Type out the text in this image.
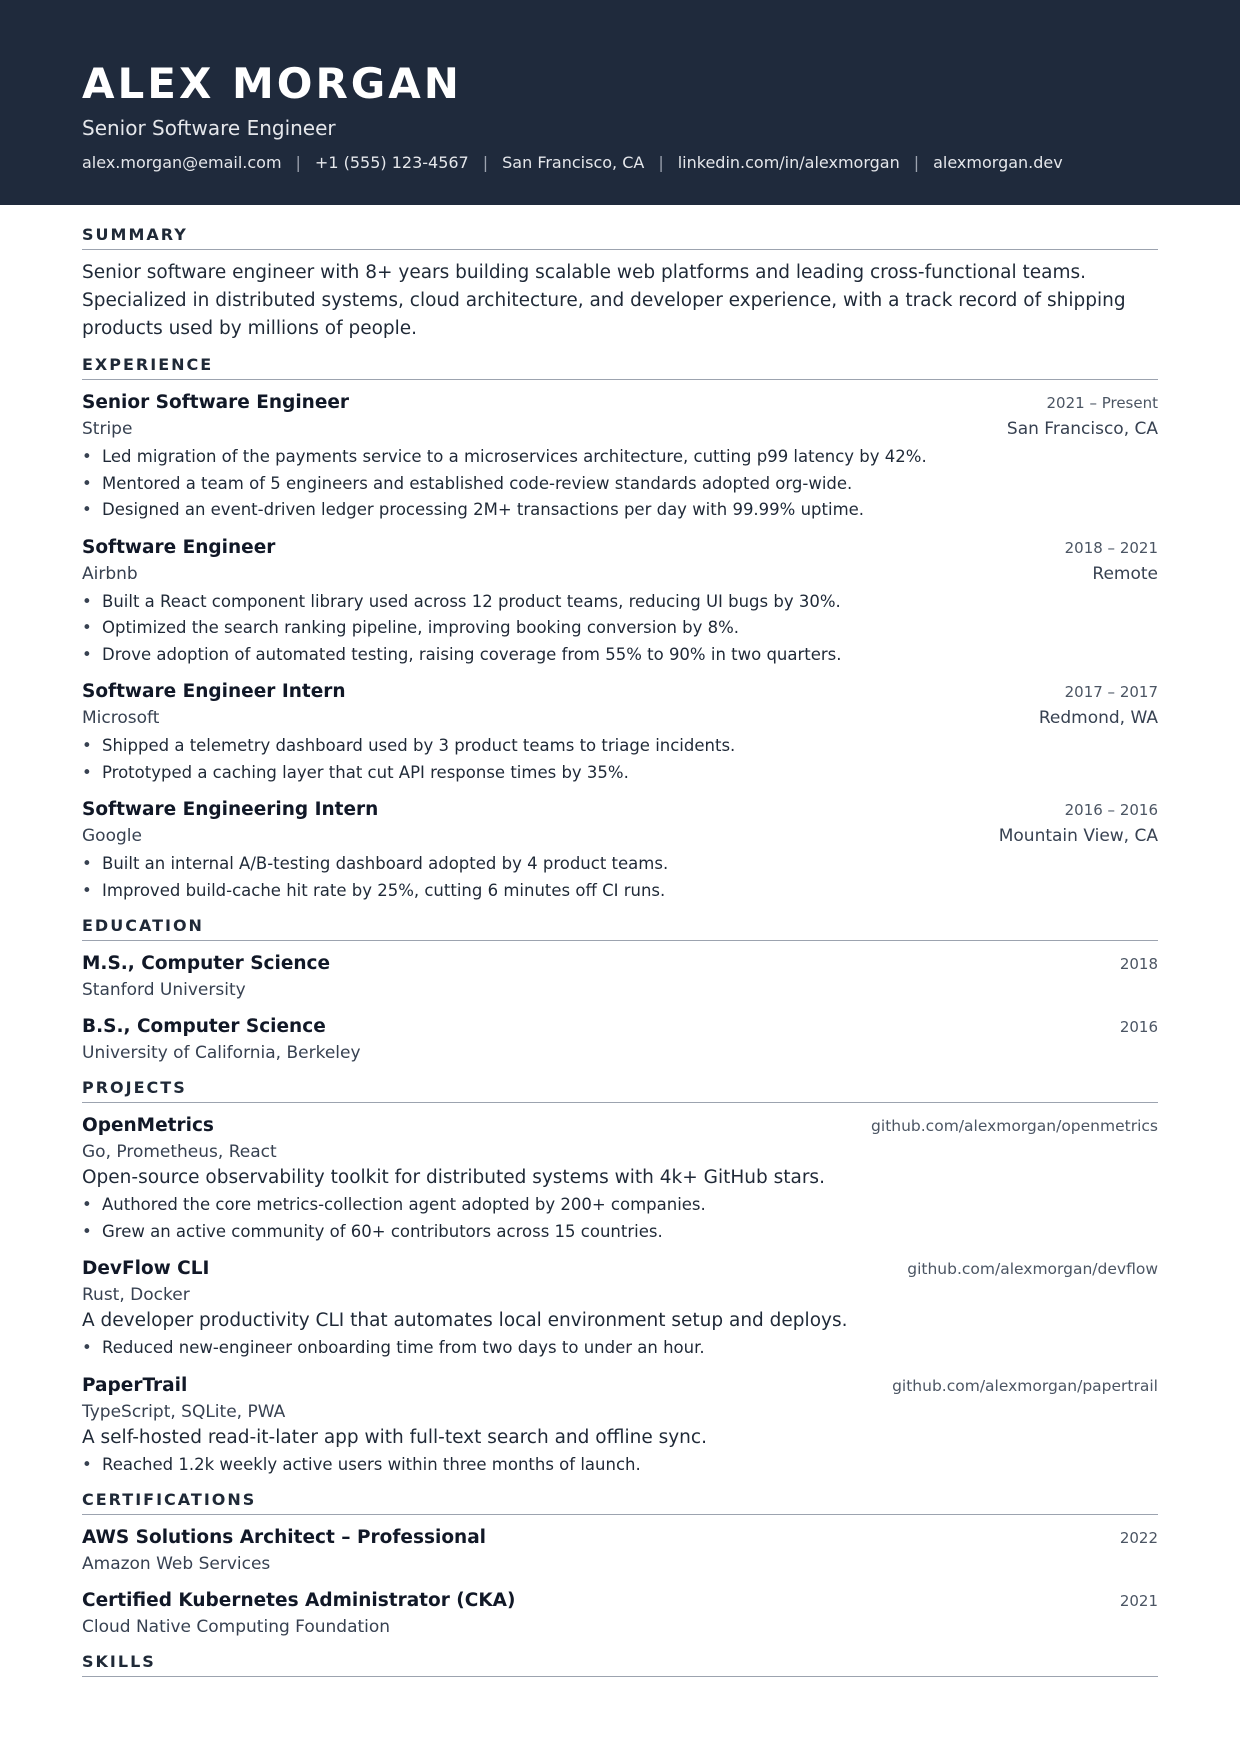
ALEX MORGAN
Senior Software Engineer
alex.morgan@email.com | +1 (555) 123-4567 | San Francisco, CA | linkedin.com/in/alexmorgan | alexmorgan.dev
SUMMARY
Senior software engineer with 8+ years building scalable web platforms and leading cross-functional teams. Specialized in distributed systems, cloud architecture, and developer experience, with a track record of shipping products used by millions of people.
EXPERIENCE
Senior Software Engineer	2021 – Present
Stripe	San Francisco, CA
• Led migration of the payments service to a microservices architecture, cutting p99 latency by 42%.
• Mentored a team of 5 engineers and established code-review standards adopted org-wide.
• Designed an event-driven ledger processing 2M+ transactions per day with 99.99% uptime.
Software Engineer	2018 – 2021
Airbnb	Remote
• Built a React component library used across 12 product teams, reducing UI bugs by 30%.
• Optimized the search ranking pipeline, improving booking conversion by 8%.
• Drove adoption of automated testing, raising coverage from 55% to 90% in two quarters.
Software Engineer Intern	2017 – 2017
Microsoft	Redmond, WA
• Shipped a telemetry dashboard used by 3 product teams to triage incidents.
• Prototyped a caching layer that cut API response times by 35%.
Software Engineering Intern	2016 – 2016
Google	Mountain View, CA
• Built an internal A/B-testing dashboard adopted by 4 product teams.
• Improved build-cache hit rate by 25%, cutting 6 minutes off CI runs.
EDUCATION
M.S., Computer Science	2018
Stanford University
B.S., Computer Science	2016
University of California, Berkeley
PROJECTS
OpenMetrics	github.com/alexmorgan/openmetrics
Go, Prometheus, React
Open-source observability toolkit for distributed systems with 4k+ GitHub stars.
• Authored the core metrics-collection agent adopted by 200+ companies.
• Grew an active community of 60+ contributors across 15 countries.
DevFlow CLI	github.com/alexmorgan/devflow
Rust, Docker
A developer productivity CLI that automates local environment setup and deploys.
• Reduced new-engineer onboarding time from two days to under an hour.
PaperTrail	github.com/alexmorgan/papertrail
TypeScript, SQLite, PWA
A self-hosted read-it-later app with full-text search and offline sync.
• Reached 1.2k weekly active users within three months of launch.
CERTIFICATIONS
AWS Solutions Architect – Professional	2022
Amazon Web Services
Certified Kubernetes Administrator (CKA)	2021
Cloud Native Computing Foundation
SKILLS
